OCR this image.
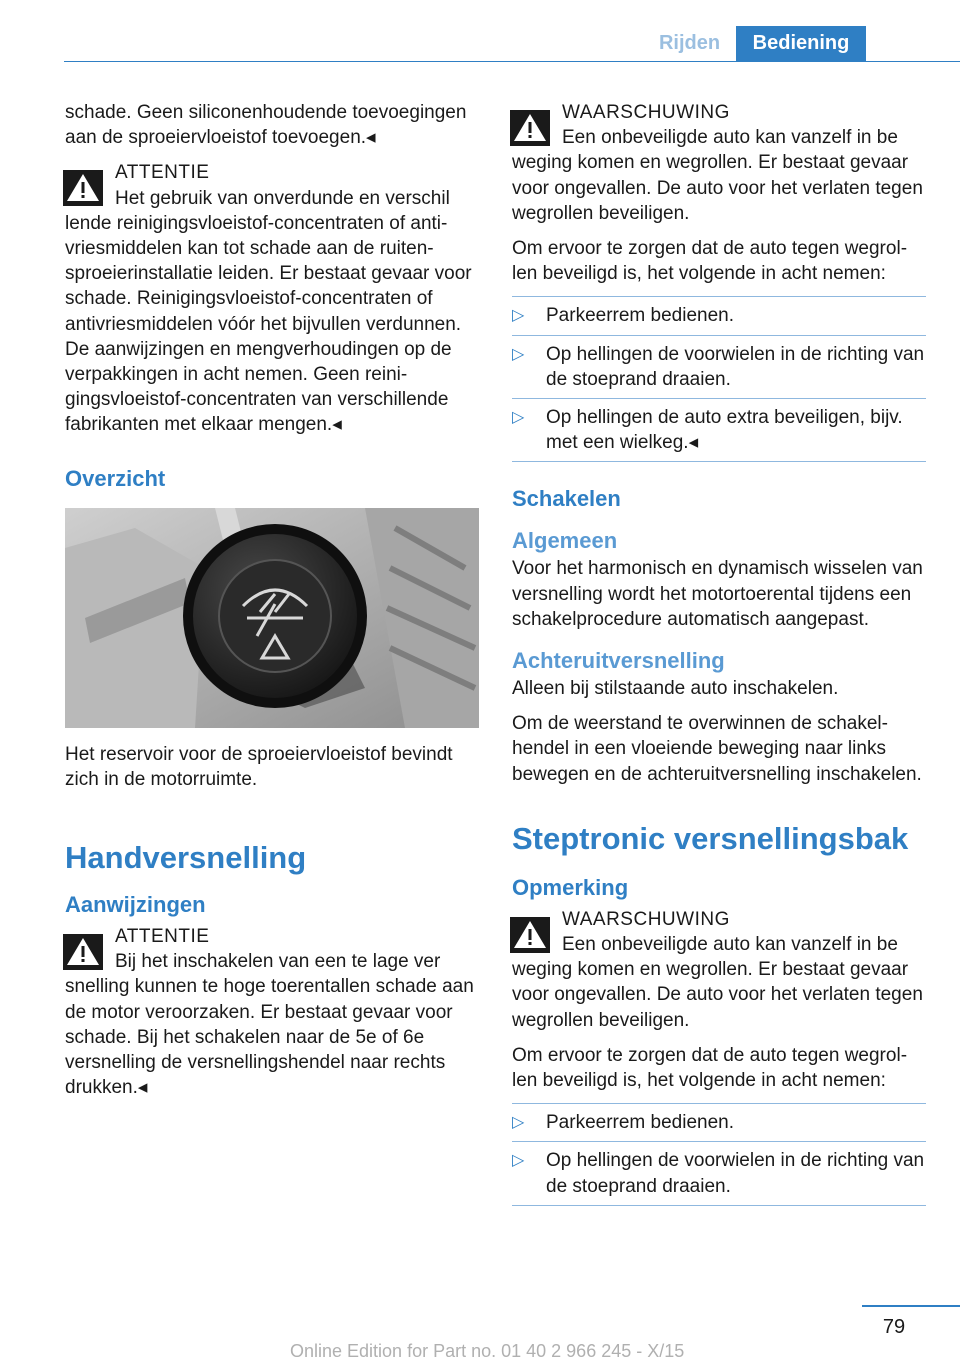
Rijden	Bediening

schade. Geen siliconenhoudende toevoegingen aan de sproeiervloeistof toevoegen.◂

ATTENTIE

Het gebruik van onverdunde en verschil
lende reinigingsvloeistof-concentraten of antivriesmiddelen kan tot schade aan de ruitensproeierinstallatie leiden. Er bestaat gevaar voor schade. Reinigingsvloeistof-concentraten of antivriesmiddelen vóór het bijvullen verdunnen. De aanwijzingen en mengverhoudingen op de verpakkingen in acht nemen. Geen reinigingsvloeistof-concentraten van verschillende fabrikanten met elkaar mengen.◂

Overzicht

Het reservoir voor de sproeiervloeistof bevindt zich in de motorruimte.

Handversnelling
Aanwijzingen
ATTENTIE

Bij het inschakelen van een te lage ver
snelling kunnen te hoge toerentallen schade aan de motor veroorzaken. Er bestaat gevaar voor schade. Bij het schakelen naar de 5e of 6e versnelling de versnellingshendel naar rechts drukken.◂

WAARSCHUWING

Een onbeveiligde auto kan vanzelf in be
weging komen en wegrollen. Er bestaat gevaar voor ongevallen. De auto voor het verlaten tegen wegrollen beveiligen.

Om ervoor te zorgen dat de auto tegen wegrollen beveiligd is, het volgende in acht nemen:

▷ Parkeerrem bedienen.
▷ Op hellingen de voorwielen in de richting van de stoeprand draaien.
▷ Op hellingen de auto extra beveiligen, bijv. met een wielkeg.◂
Schakelen
Algemeen

Voor het harmonisch en dynamisch wisselen van versnelling wordt het motortoerental tijdens een schakelprocedure automatisch aangepast.

Achteruitversnelling

Alleen bij stilstaande auto inschakelen.

Om de weerstand te overwinnen de schakelhendel in een vloeiende beweging naar links bewegen en de achteruitversnelling inschakelen.

Steptronic versnellingsbak
Opmerking
WAARSCHUWING

Een onbeveiligde auto kan vanzelf in be
weging komen en wegrollen. Er bestaat gevaar voor ongevallen. De auto voor het verlaten tegen wegrollen beveiligen.

Om ervoor te zorgen dat de auto tegen wegrollen beveiligd is, het volgende in acht nemen:

▷ Parkeerrem bedienen.
▷ Op hellingen de voorwielen in de richting van de stoeprand draaien.
79
Online Edition for Part no. 01 40 2 966 245 - X/15
